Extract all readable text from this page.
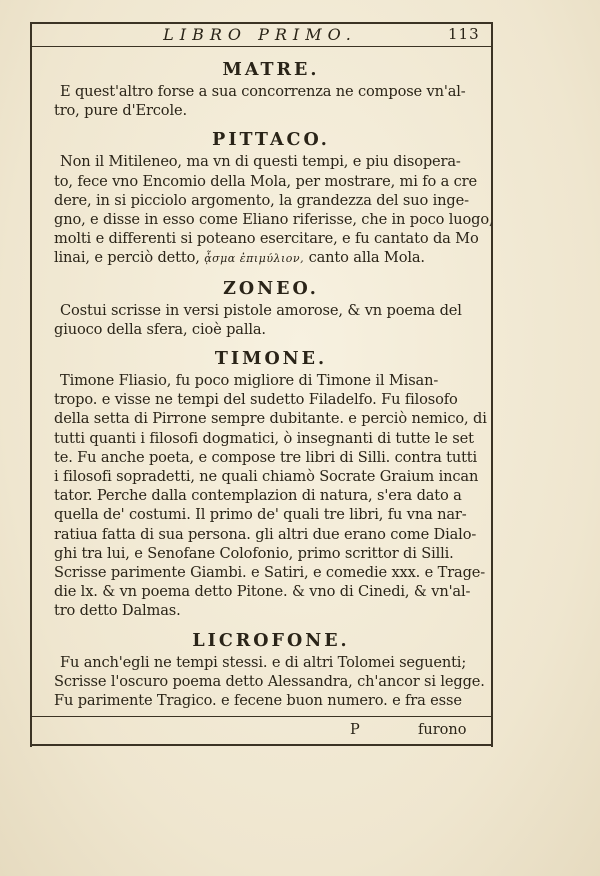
LIBRO PRIMO.	113
MATRE.

E quest'altro forse a sua concorrenza ne compose vn'al-
tro, pure d'Ercole.

PITTACO.

Non il Mitileneo, ma vn di questi tempi, e piu disopera-
to, fece vno Encomio della Mola, per mostrare, mi fo a cre
dere, in si picciolo argomento, la grandezza del suo inge-
gno, e disse in esso come Eliano riferisse, che in poco luogo,
molti e differenti si poteano esercitare, e fu cantato da Mo
linai, e perciò detto, ᾆσμα ἐπιμύλιον, canto alla Mola.

ZONEO.

Costui scrisse in versi pistole amorose, & vn poema del
giuoco della sfera, cioè palla.

TIMONE.

Timone Fliasio, fu poco migliore di Timone il Misan-
tropo. e visse ne tempi del sudetto Filadelfo. Fu filosofo
della setta di Pirrone sempre dubitante. e perciò nemico, di
tutti quanti i filosofi dogmatici, ò insegnanti di tutte le set
te. Fu anche poeta, e compose tre libri di Silli. contra tutti
i filosofi sopradetti, ne quali chiamò Socrate Graium incan
tator. Perche dalla contemplazion di natura, s'era dato a
quella de' costumi. Il primo de' quali tre libri, fu vna nar-
ratiua fatta di sua persona. gli altri due erano come Dialo-
ghi tra lui, e Senofane Colofonio, primo scrittor di Silli.
Scrisse parimente Giambi. e Satiri, e comedie xxx. e Trage-
die lx. & vn poema detto Pitone. & vno di Cinedi, & vn'al-
tro detto Dalmas.

LICROFONE.

Fu anch'egli ne tempi stessi. e di altri Tolomei seguenti;
Scrisse l'oscuro poema detto Alessandra, ch'ancor si legge.
Fu parimente Tragico. e fecene buon numero. e fra esse

P	furono
